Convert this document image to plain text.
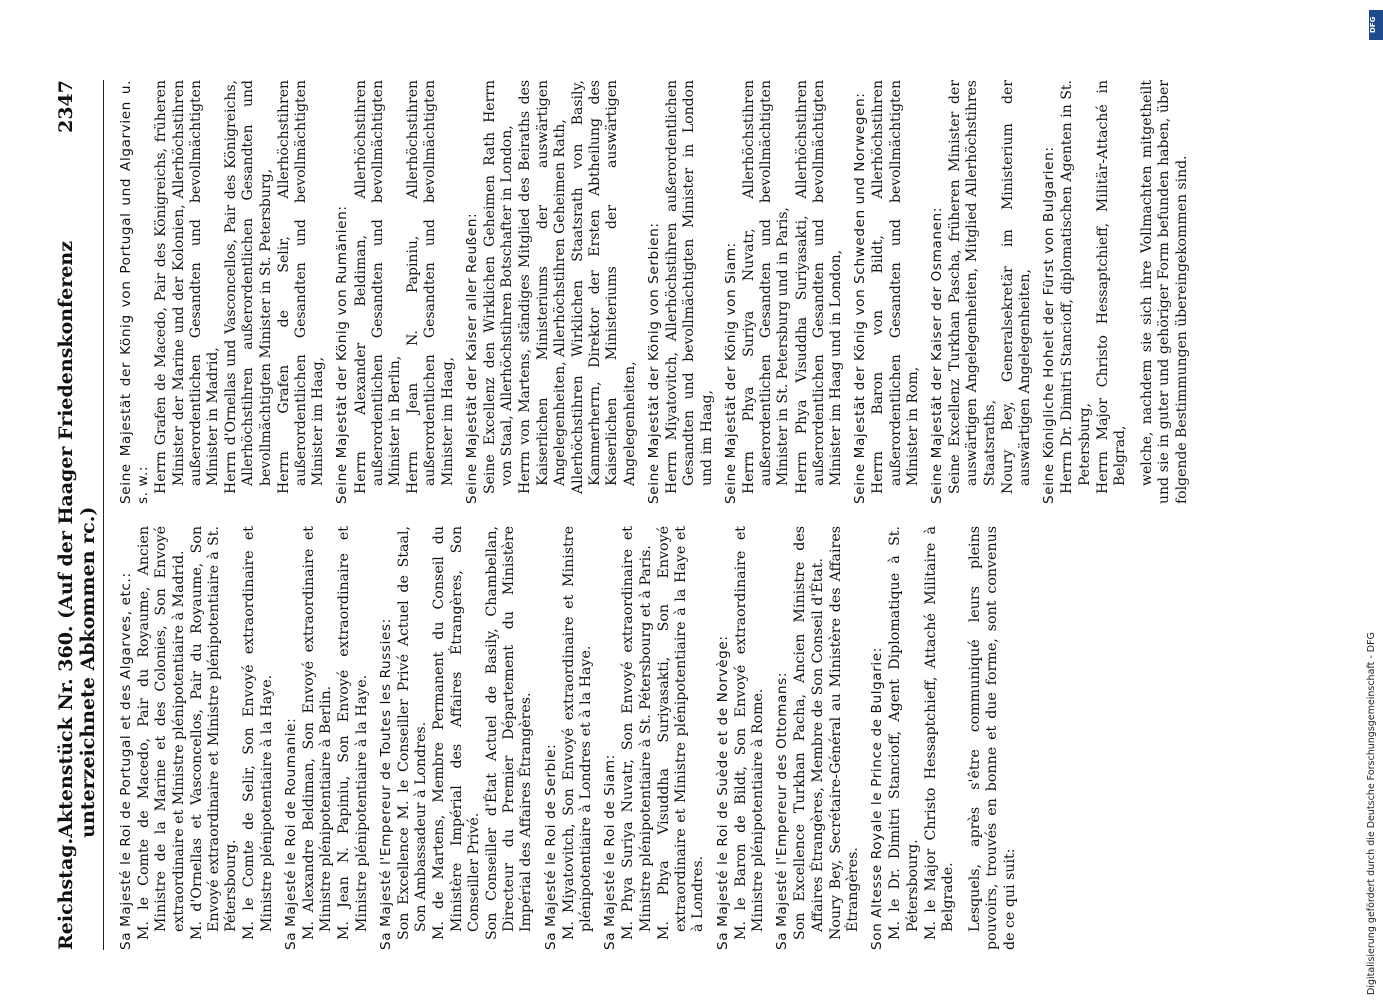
Reichstag.
Aktenstück Nr. 360. (Auf der Haager Friedenskonferenz unterzeichnete Abkommen rc.)
2347
Sa Majesté le Roi de Portugal et des Algarves, etc.: M. le Comte de Macedo, Pair du Royaume, Ancien Ministre de la Marine et des Colonies, Son Envoyé extraordinaire et Ministre plénipotentiaire à Madrid. M. d'Ornellas et Vasconcellos, Pair du Royaume, Son Envoyé extraordinaire et Ministre plénipotentiaire à St. Pétersbourg. M. le Comte de Selir, Son Envoyé extraordinaire et Ministre plénipotentiaire à la Haye. Sa Majesté le Roi de Roumanie: M. Alexandre Beldiman, Son Envoyé extraordinaire et Ministre plénipotentiaire à Berlin. M. Jean N. Papiniu, Son Envoyé extraordinaire et Ministre plénipotentiaire à la Haye. Sa Majesté l'Empereur de Toutes les Russies: Son Excellence M. le Conseiller Privé Actuel de Staal, Son Ambassadeur à Londres. M. de Martens, Membre Permanent du Conseil du Ministère Impérial des Affaires Étrangères, Son Conseiller Privé. Son Conseiller d'État Actuel de Basily, Chambellan, Directeur du Premier Département du Ministère Impérial des Affaires Étrangères. Sa Majesté le Roi de Serbie: M. Miyatovitch, Son Envoyé extraordinaire et Ministre plénipotentiaire à Londres et à la Haye. Sa Majesté le Roi de Siam: M. Phya Suriya Nuvatr, Son Envoyé extraordinaire et Ministre plénipotentiaire à St. Pétersbourg et à Paris. M. Phya Visuddha Suriyasakti, Son Envoyé extraordinaire et Ministre plénipotentiaire à la Haye et à Londres. Sa Majesté le Roi de Suède et de Norvège: M. le Baron de Bildt, Son Envoyé extraordinaire et Ministre plénipotentiaire à Rome. Sa Majesté l'Empereur des Ottomans: Son Excellence Turkhan Pacha, Ancien Ministre des Affaires Étrangères, Membre de Son Conseil d'État. Noury Bey, Secrétaire-Général au Ministère des Affaires Étrangères. Son Altesse Royale le Prince de Bulgarie: M. le Dr. Dimitri Stancioff, Agent Diplomatique à St. Pétersbourg. M. le Major Christo Hessaptchieff, Attaché Militaire à Belgrade. Lesquels, après s'être communiqué leurs pleins pouvoirs, trouvés en bonne et due forme, sont convenus de ce qui suit:
Seine Majestät der König von Portugal und Algarvien u. s. w.: Herrn Grafen de Macedo, Pair des Königreichs, früheren Minister der Marine und der Kolonien, Allerhöchstihren außerordentlichen Gesandten und bevollmächtigten Minister in Madrid, Herrn d'Ornellas und Vasconcellos, Pair des Königreichs, Allerhöchstihren außerordentlichen Gesandten und bevollmächtigten Minister in St. Petersburg, Herrn Grafen de Selir, Allerhöchstihren außerordentlichen Gesandten und bevollmächtigten Minister im Haag, Seine Majestät der König von Rumänien: Herrn Alexander Beldiman, Allerhöchstihren außerordentlichen Gesandten und bevollmächtigten Minister in Berlin, Herrn Jean N. Papiniu, Allerhöchstihren außerordentlichen Gesandten und bevollmächtigten Minister im Haag, Seine Majestät der Kaiser aller Reußen: Seine Excellenz den Wirklichen Geheimen Rath Herrn von Staal, Allerhöchstihren Botschafter in London, Herrn von Martens, ständiges Mitglied des Beiraths des Kaiserlichen Ministeriums der auswärtigen Angelegenheiten, Allerhöchstihren Geheimen Rath, Allerhöchstihren Wirklichen Staatsrath von Basily, Kammerherrn, Direktor der Ersten Abtheilung des Kaiserlichen Ministeriums der auswärtigen Angelegenheiten, Seine Majestät der König von Serbien: Herrn Miyatovitch, Allerhöchstihren außerordentlichen Gesandten und bevollmächtigten Minister in London und im Haag, Seine Majestät der König von Siam: Herrn Phya Suriya Nuvatr, Allerhöchstihren außerordentlichen Gesandten und bevollmächtigten Minister in St. Petersburg und in Paris, Herrn Phya Visuddha Suriyasakti, Allerhöchstihren außerordentlichen Gesandten und bevollmächtigten Minister im Haag und in London, Seine Majestät der König von Schweden und Norwegen: Herrn Baron von Bildt, Allerhöchstihren außerordentlichen Gesandten und bevollmächtigten Minister in Rom, Seine Majestät der Kaiser der Osmanen: Seine Excellenz Turkhan Pascha, früheren Minister der auswärtigen Angelegenheiten, Mitglied Allerhöchstihres Staatsraths, Noury Bey, Generalsekretär im Ministerium der auswärtigen Angelegenheiten, Seine Königliche Hoheit der Fürst von Bulgarien: Herrn Dr. Dimitri Stancioff, diplomatischen Agenten in St. Petersburg, Herrn Major Christo Hessaptchieff, Militär-Attaché in Belgrad, welche, nachdem sie sich ihre Vollmachten mitgetheilt und sie in guter und gehöriger Form befunden haben, über folgende Bestimmungen übereingekommen sind.
Digitalisierung gefördert durch die Deutsche Forschungsgemeinschaft - DFG
DFG
